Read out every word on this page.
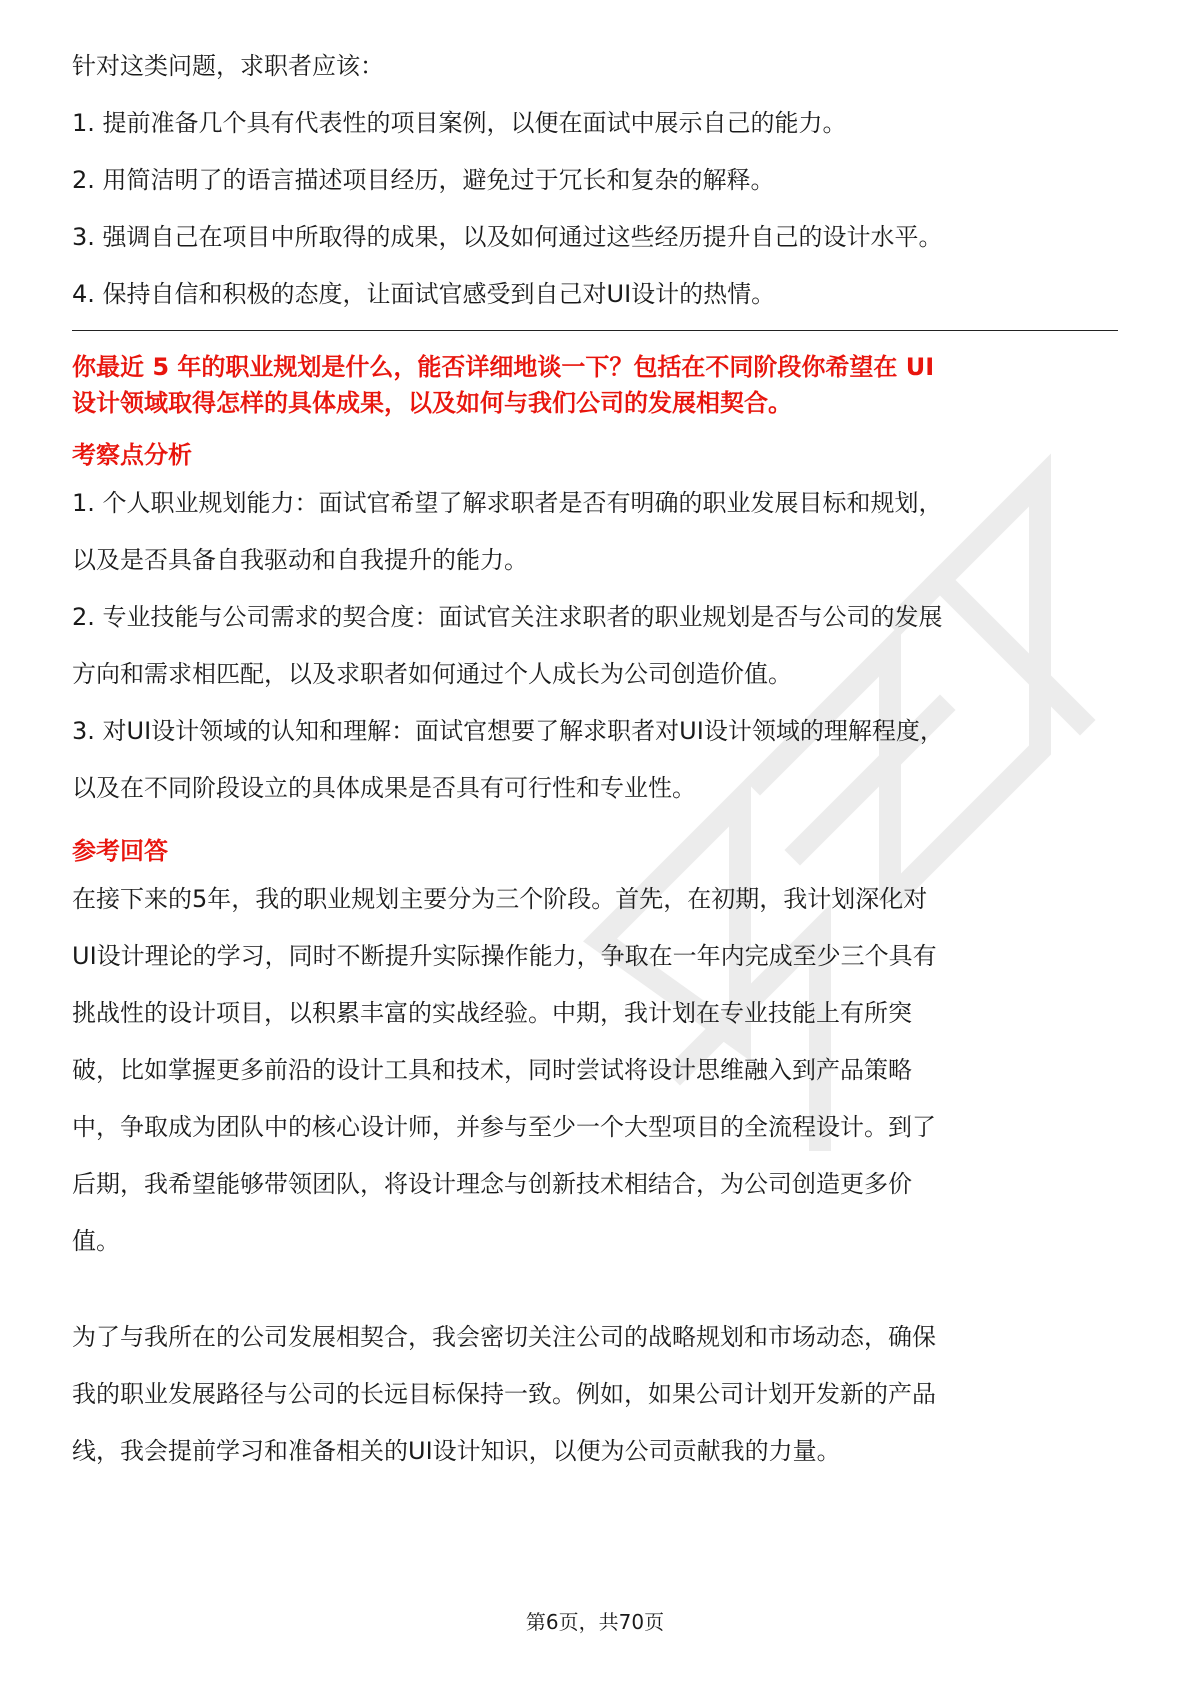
针对这类问题，求职者应该：

1. 提前准备几个具有代表性的项目案例，以便在面试中展示自己的能力。

2. 用简洁明了的语言描述项目经历，避免过于冗长和复杂的解释。

3. 强调自己在项目中所取得的成果，以及如何通过这些经历提升自己的设计水平。

4. 保持自信和积极的态度，让面试官感受到自己对UI设计的热情。

你最近 5 年的职业规划是什么，能否详细地谈一下？包括在不同阶段你希望在 UI

设计领域取得怎样的具体成果，以及如何与我们公司的发展相契合。

考察点分析

1. 个人职业规划能力：面试官希望了解求职者是否有明确的职业发展目标和规划，

以及是否具备自我驱动和自我提升的能力。

2. 专业技能与公司需求的契合度：面试官关注求职者的职业规划是否与公司的发展

方向和需求相匹配，以及求职者如何通过个人成长为公司创造价值。

3. 对UI设计领域的认知和理解：面试官想要了解求职者对UI设计领域的理解程度，

以及在不同阶段设立的具体成果是否具有可行性和专业性。

参考回答

在接下来的5年，我的职业规划主要分为三个阶段。首先，在初期，我计划深化对

UI设计理论的学习，同时不断提升实际操作能力，争取在一年内完成至少三个具有

挑战性的设计项目，以积累丰富的实战经验。中期，我计划在专业技能上有所突

破，比如掌握更多前沿的设计工具和技术，同时尝试将设计思维融入到产品策略

中，争取成为团队中的核心设计师，并参与至少一个大型项目的全流程设计。到了

后期，我希望能够带领团队，将设计理念与创新技术相结合，为公司创造更多价

值。

为了与我所在的公司发展相契合，我会密切关注公司的战略规划和市场动态，确保

我的职业发展路径与公司的长远目标保持一致。例如，如果公司计划开发新的产品

线，我会提前学习和准备相关的UI设计知识，以便为公司贡献我的力量。

第6页，共70页
